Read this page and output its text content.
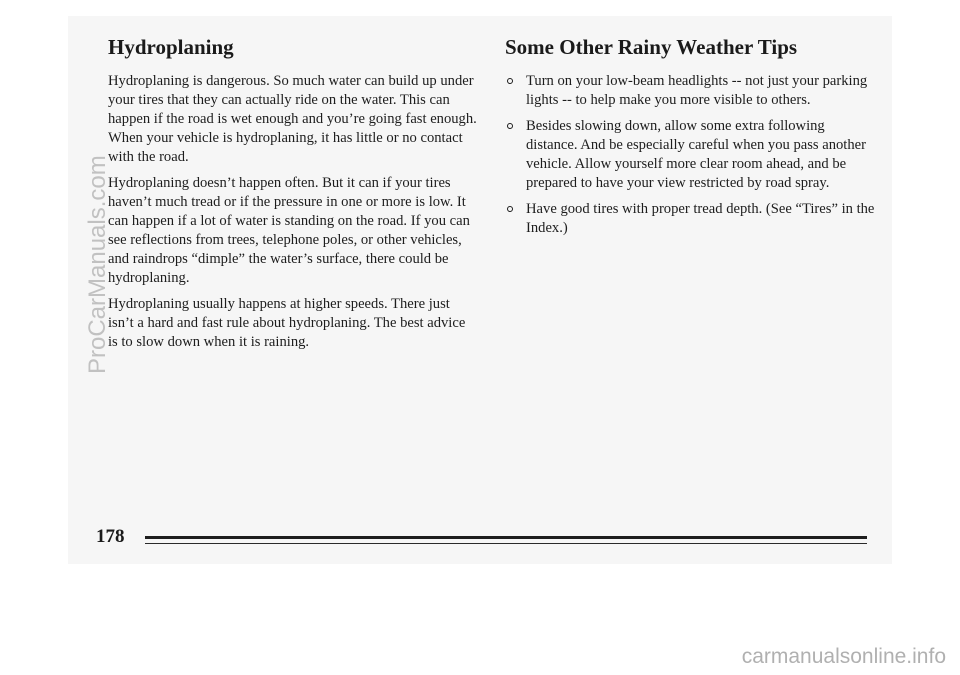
Hydroplaning

Hydroplaning is dangerous. So much water can build up under your tires that they can actually ride on the water. This can happen if the road is wet enough and you’re going fast enough. When your vehicle is hydroplaning, it has little or no contact with the road.

Hydroplaning doesn’t happen often. But it can if your tires haven’t much tread or if the pressure in one or more is low. It can happen if a lot of water is standing on the road. If you can see reflections from trees, telephone poles, or other vehicles, and raindrops “dimple” the water’s surface, there could be hydroplaning.

Hydroplaning usually happens at higher speeds. There just isn’t a hard and fast rule about hydroplaning. The best advice is to slow down when it is raining.

Some Other Rainy Weather Tips
Turn on your low-beam headlights -- not just your parking lights -- to help make you more visible to others.
Besides slowing down, allow some extra following distance. And be especially careful when you pass another vehicle. Allow yourself more clear room ahead, and be prepared to have your view restricted by road spray.
Have good tires with proper tread depth. (See “Tires” in the Index.)
178
ProCarManuals.com
carmanualsonline.info
